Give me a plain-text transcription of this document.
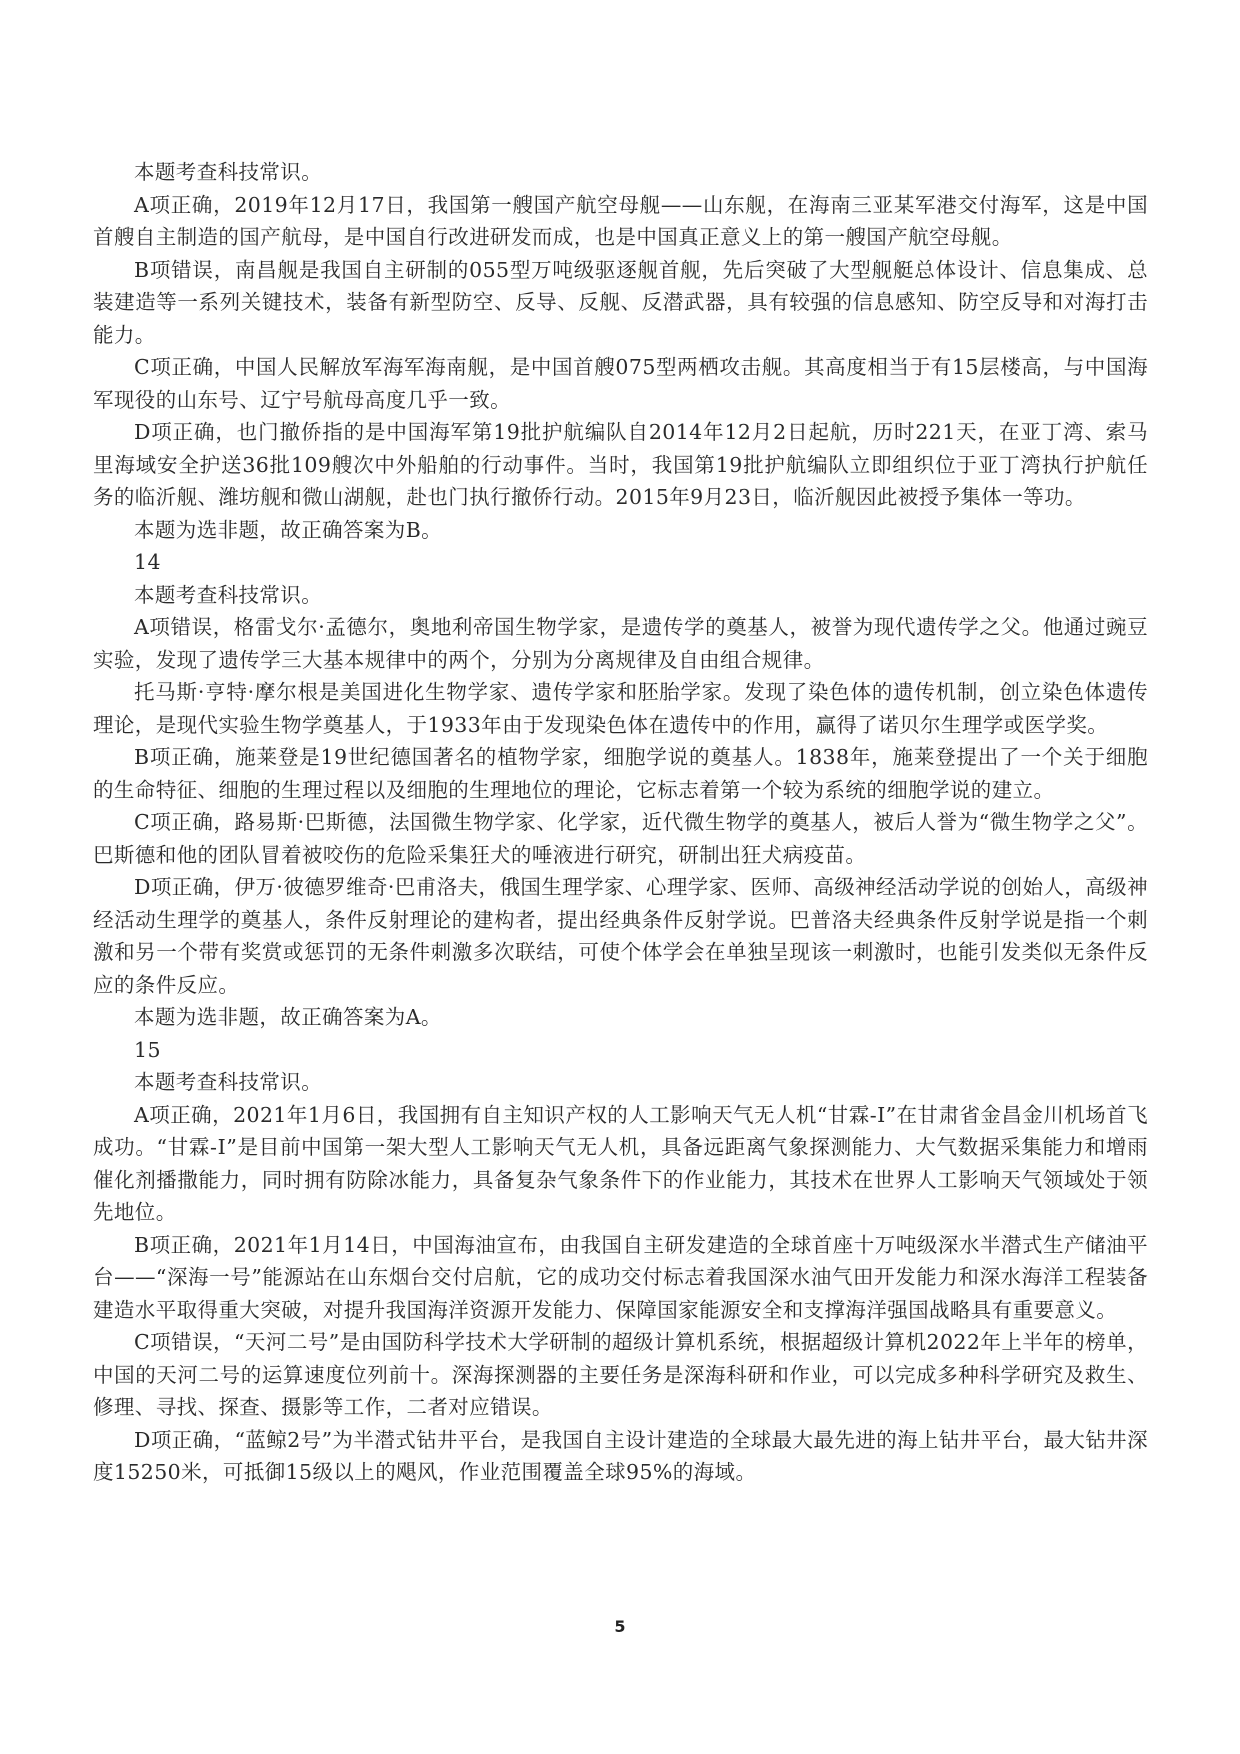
本题考查科技常识。

A项正确，2019年12月17日，我国第一艘国产航空母舰——山东舰，在海南三亚某军港交付海军，这是中国首艘自主制造的国产航母，是中国自行改进研发而成，也是中国真正意义上的第一艘国产航空母舰。

B项错误，南昌舰是我国自主研制的055型万吨级驱逐舰首舰，先后突破了大型舰艇总体设计、信息集成、总装建造等一系列关键技术，装备有新型防空、反导、反舰、反潜武器，具有较强的信息感知、防空反导和对海打击能力。

C项正确，中国人民解放军海军海南舰，是中国首艘075型两栖攻击舰。其高度相当于有15层楼高，与中国海军现役的山东号、辽宁号航母高度几乎一致。

D项正确，也门撤侨指的是中国海军第19批护航编队自2014年12月2日起航，历时221天，在亚丁湾、索马里海域安全护送36批109艘次中外船舶的行动事件。当时，我国第19批护航编队立即组织位于亚丁湾执行护航任务的临沂舰、潍坊舰和微山湖舰，赴也门执行撤侨行动。2015年9月23日，临沂舰因此被授予集体一等功。

本题为选非题，故正确答案为B。

14

本题考查科技常识。

A项错误，格雷戈尔·孟德尔，奥地利帝国生物学家，是遗传学的奠基人，被誉为现代遗传学之父。他通过豌豆实验，发现了遗传学三大基本规律中的两个，分别为分离规律及自由组合规律。

托马斯·亨特·摩尔根是美国进化生物学家、遗传学家和胚胎学家。发现了染色体的遗传机制，创立染色体遗传理论，是现代实验生物学奠基人，于1933年由于发现染色体在遗传中的作用，赢得了诺贝尔生理学或医学奖。

B项正确，施莱登是19世纪德国著名的植物学家，细胞学说的奠基人。1838年，施莱登提出了一个关于细胞的生命特征、细胞的生理过程以及细胞的生理地位的理论，它标志着第一个较为系统的细胞学说的建立。

C项正确，路易斯·巴斯德，法国微生物学家、化学家，近代微生物学的奠基人，被后人誉为“微生物学之父”。巴斯德和他的团队冒着被咬伤的危险采集狂犬的唾液进行研究，研制出狂犬病疫苗。

D项正确，伊万·彼德罗维奇·巴甫洛夫，俄国生理学家、心理学家、医师、高级神经活动学说的创始人，高级神经活动生理学的奠基人，条件反射理论的建构者，提出经典条件反射学说。巴普洛夫经典条件反射学说是指一个刺激和另一个带有奖赏或惩罚的无条件刺激多次联结，可使个体学会在单独呈现该一刺激时，也能引发类似无条件反应的条件反应。

本题为选非题，故正确答案为A。

15

本题考查科技常识。

A项正确，2021年1月6日，我国拥有自主知识产权的人工影响天气无人机“甘霖-Ⅰ”在甘肃省金昌金川机场首飞成功。“甘霖-Ⅰ”是目前中国第一架大型人工影响天气无人机，具备远距离气象探测能力、大气数据采集能力和增雨催化剂播撒能力，同时拥有防除冰能力，具备复杂气象条件下的作业能力，其技术在世界人工影响天气领域处于领先地位。

B项正确，2021年1月14日，中国海油宣布，由我国自主研发建造的全球首座十万吨级深水半潜式生产储油平台——“深海一号”能源站在山东烟台交付启航，它的成功交付标志着我国深水油气田开发能力和深水海洋工程装备建造水平取得重大突破，对提升我国海洋资源开发能力、保障国家能源安全和支撑海洋强国战略具有重要意义。

C项错误，“天河二号”是由国防科学技术大学研制的超级计算机系统，根据超级计算机2022年上半年的榜单，中国的天河二号的运算速度位列前十。深海探测器的主要任务是深海科研和作业，可以完成多种科学研究及救生、修理、寻找、探查、摄影等工作，二者对应错误。

D项正确，“蓝鲸2号”为半潜式钻井平台，是我国自主设计建造的全球最大最先进的海上钻井平台，最大钻井深度15250米，可抵御15级以上的飓风，作业范围覆盖全球95%的海域。

5
